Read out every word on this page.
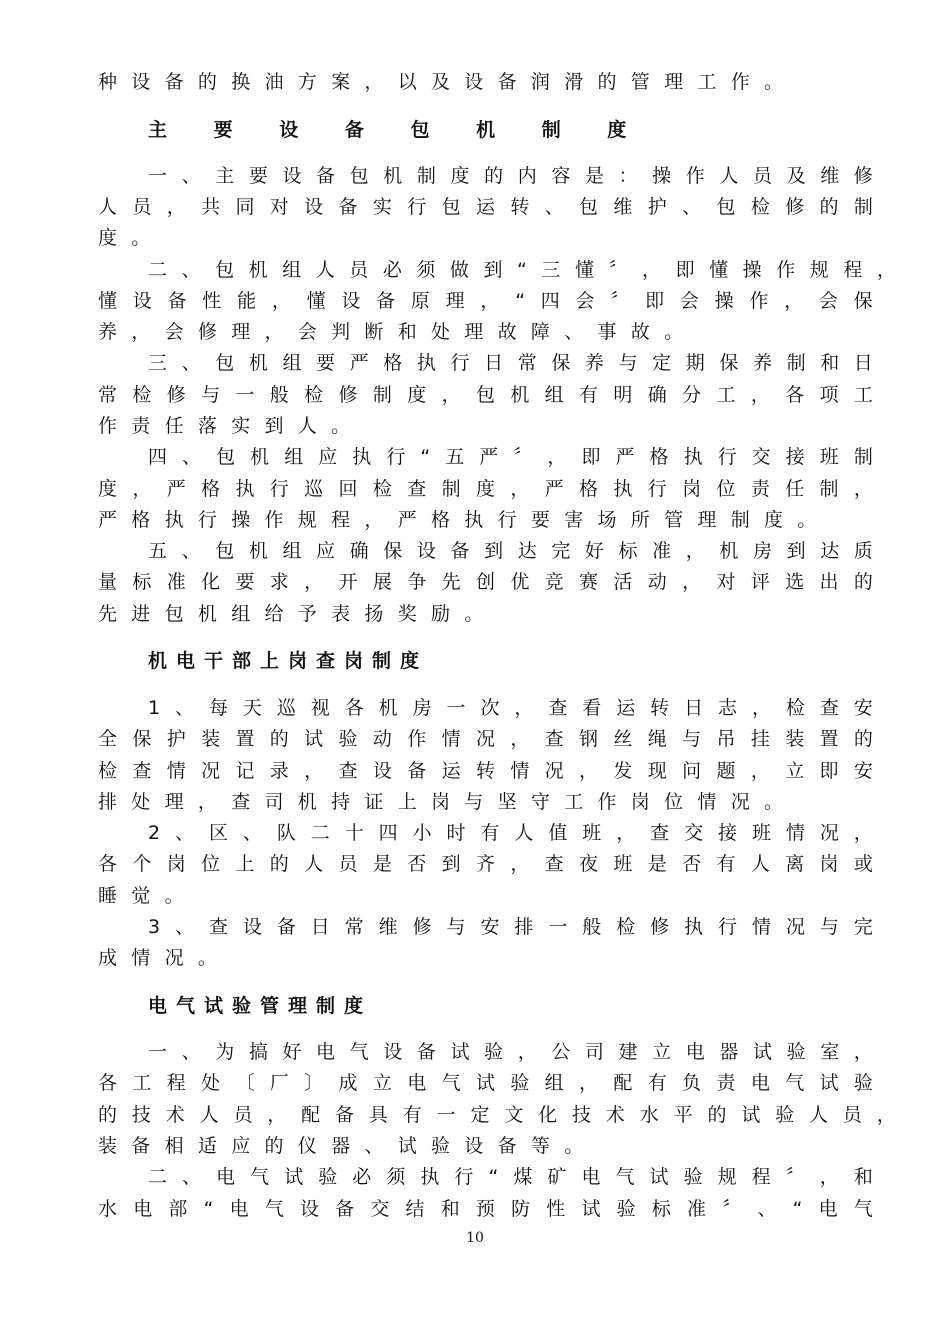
种设备的换油方案，以及设备润滑的管理工作。
主 要 设 备 包 机 制 度
一 、 主 要 设 备 包 机 制 度 的 内 容 是 ： 操 作 人 员 及 维 修
人 员 ， 共 同 对 设 备 实 行 包 运 转 、 包 维 护 、 包 检 修 的 制
度。
二 、 包 机 组 人 员 必 须 做 到 “ 三 懂 〞 ， 即 懂 操 作 规 程 ，
懂 设 备 性 能 ， 懂 设 备 原 理 ， “ 四 会 〞 即 会 操 作 ， 会 保
养，会修理，会判断和处理故障、事故。
三 、 包 机 组 要 严 格 执 行 日 常 保 养 与 定 期 保 养 制 和 日
常 检 修 与 一 般 检 修 制 度 ， 包 机 组 有 明 确 分 工 ， 各 项 工
作责任落实到人。
四 、 包 机 组 应 执 行 “ 五 严 〞 ， 即 严 格 执 行 交 接 班 制
度 ， 严 格 执 行 巡 回 检 查 制 度 ， 严 格 执 行 岗 位 责 任 制 ，
严格执行操作规程，严格执行要害场所管理制度。
五 、 包 机 组 应 确 保 设 备 到 达 完 好 标 准 ， 机 房 到 达 质
量 标 准 化 要 求 ， 开 展 争 先 创 优 竞 赛 活 动 ， 对 评 选 出 的
先进包机组给予表扬奖励。
机电干部上岗查岗制度
1 、 每 天 巡 视 各 机 房 一 次 ， 查 看 运 转 日 志 ， 检 查 安
全 保 护 装 置 的 试 验 动 作 情 况 ， 查 钢 丝 绳 与 吊 挂 装 置 的
检 查 情 况 记 录 ， 查 设 备 运 转 情 况 ， 发 现 问 题 ， 立 即 安
排处理，查司机持证上岗与坚守工作岗位情况。
2 、 区 、 队 二 十 四 小 时 有 人 值 班 ， 查 交 接 班 情 况 ，
各 个 岗 位 上 的 人 员 是 否 到 齐 ， 查 夜 班 是 否 有 人 离 岗 或
睡觉。
3 、 查 设 备 日 常 维 修 与 安 排 一 般 检 修 执 行 情 况 与 完
成情况。
电气试验管理制度
一 、 为 搞 好 电 气 设 备 试 验 ， 公 司 建 立 电 器 试 验 室 ，
各 工 程 处 〔 厂 〕 成 立 电 气 试 验 组 ， 配 有 负 责 电 气 试 验
的 技 术 人 员 ， 配 备 具 有 一 定 文 化 技 术 水 平 的 试 验 人 员 ，
装备相适应的仪器、试验设备等。
二 、 电 气 试 验 必 须 执 行 “ 煤 矿 电 气 试 验 规 程 〞 ， 和
水 电 部 “ 电 气 设 备 交 结 和 预 防 性 试 验 标 准 〞 、 “ 电 气
10
